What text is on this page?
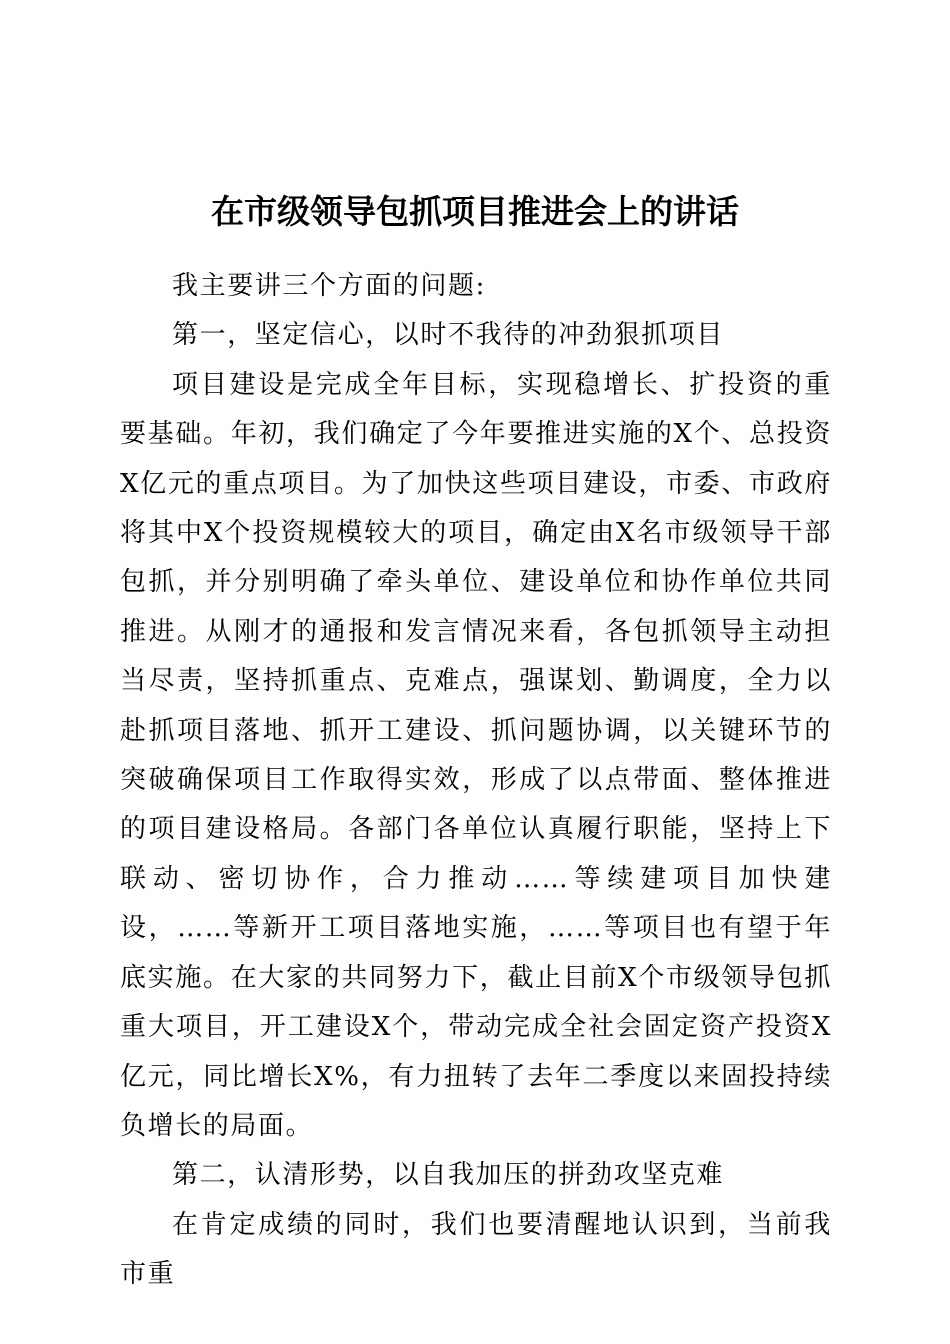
在市级领导包抓项目推进会上的讲话

我主要讲三个方面的问题:

第一，坚定信心，以时不我待的冲劲狠抓项目

项目建设是完成全年目标，实现稳增长、扩投资的重要基础。年初，我们确定了今年要推进实施的X个、总投资X亿元的重点项目。为了加快这些项目建设，市委、市政府将其中X个投资规模较大的项目，确定由X名市级领导干部包抓，并分别明确了牵头单位、建设单位和协作单位共同推进。从刚才的通报和发言情况来看，各包抓领导主动担当尽责，坚持抓重点、克难点，强谋划、勤调度，全力以赴抓项目落地、抓开工建设、抓问题协调，以关键环节的突破确保项目工作取得实效，形成了以点带面、整体推进的项目建设格局。各部门各单位认真履行职能，坚持上下联动、密切协作，合力推动……等续建项目加快建设，……等新开工项目落地实施，……等项目也有望于年底实施。在大家的共同努力下，截止目前X个市级领导包抓重大项目，开工建设X个，带动完成全社会固定资产投资X亿元，同比增长X%，有力扭转了去年二季度以来固投持续负增长的局面。

第二，认清形势，以自我加压的拼劲攻坚克难

在肯定成绩的同时，我们也要清醒地认识到，当前我市重
